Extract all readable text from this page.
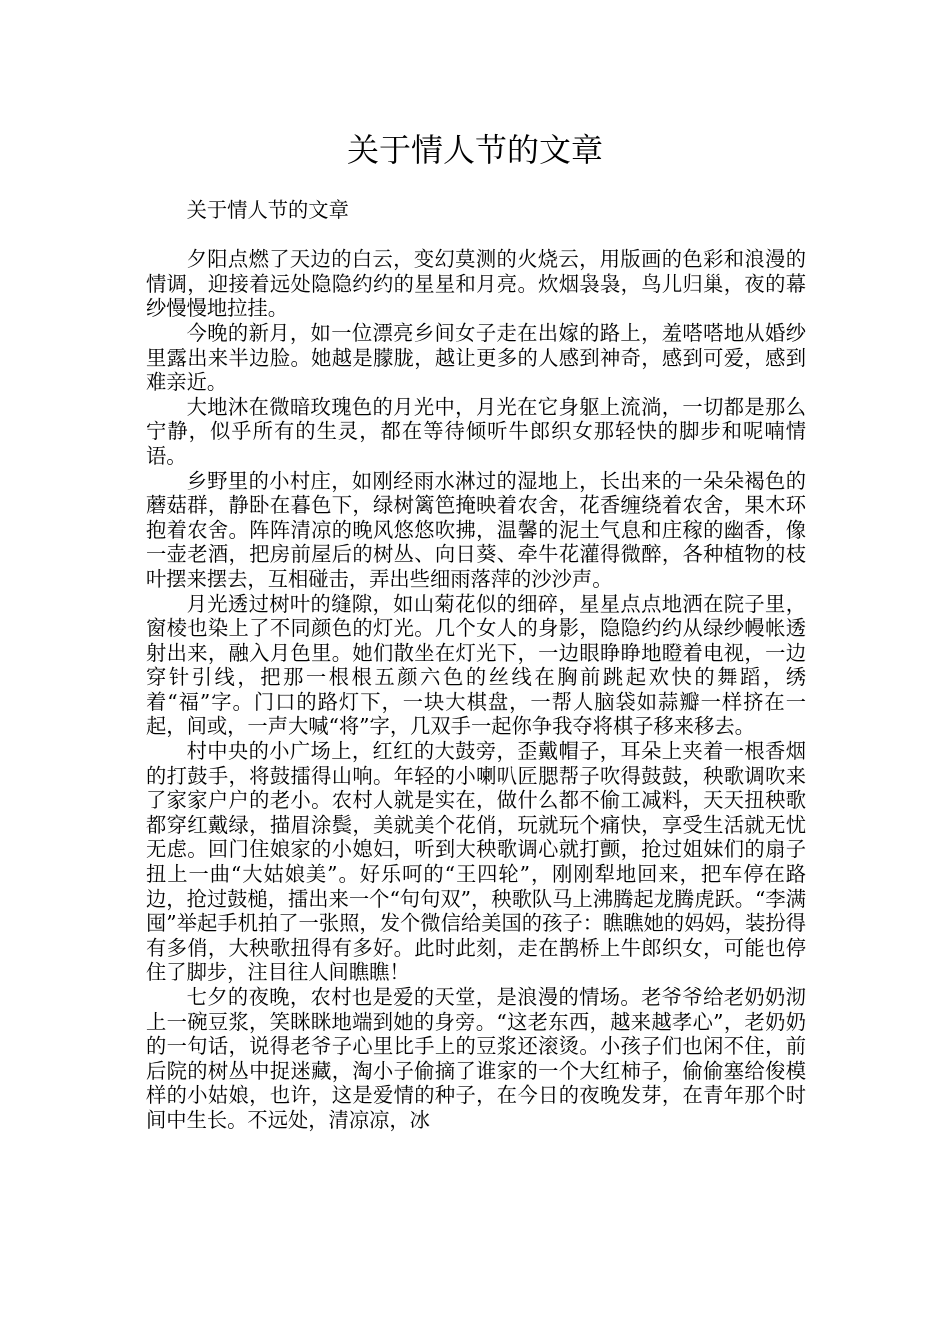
关于情人节的文章

关于情人节的文章

夕阳点燃了天边的白云，变幻莫测的火烧云，用版画的色彩和浪漫的情调，迎接着远处隐隐约约的星星和月亮。炊烟袅袅，鸟儿归巢，夜的幕纱慢慢地拉挂。

今晚的新月，如一位漂亮乡间女子走在出嫁的路上，羞嗒嗒地从婚纱里露出来半边脸。她越是朦胧，越让更多的人感到神奇，感到可爱，感到难亲近。

大地沐在微暗玫瑰色的月光中，月光在它身躯上流淌，一切都是那么宁静，似乎所有的生灵，都在等待倾听牛郎织女那轻快的脚步和呢喃情语。

乡野里的小村庄，如刚经雨水淋过的湿地上，长出来的一朵朵褐色的蘑菇群，静卧在暮色下，绿树篱笆掩映着农舍，花香缠绕着农舍，果木环抱着农舍。阵阵清凉的晚风悠悠吹拂，温馨的泥土气息和庄稼的幽香，像一壶老酒，把房前屋后的树丛、向日葵、牵牛花灌得微醉，各种植物的枝叶摆来摆去，互相碰击，弄出些细雨落萍的沙沙声。

月光透过树叶的缝隙，如山菊花似的细碎，星星点点地洒在院子里，窗棱也染上了不同颜色的灯光。几个女人的身影，隐隐约约从绿纱幔帐透射出来，融入月色里。她们散坐在灯光下，一边眼睁睁地瞪着电视，一边穿针引线，把那一根根五颜六色的丝线在胸前跳起欢快的舞蹈，绣着“福”字。门口的路灯下，一块大棋盘，一帮人脑袋如蒜瓣一样挤在一起，间或，一声大喊“将”字，几双手一起你争我夺将棋子移来移去。

村中央的小广场上，红红的大鼓旁，歪戴帽子，耳朵上夹着一根香烟的打鼓手，将鼓擂得山响。年轻的小喇叭匠腮帮子吹得鼓鼓，秧歌调吹来了家家户户的老小。农村人就是实在，做什么都不偷工减料，天天扭秧歌都穿红戴绿，描眉涂鬓，美就美个花俏，玩就玩个痛快，享受生活就无忧无虑。回门住娘家的小媳妇，听到大秧歌调心就打颤，抢过姐妹们的扇子扭上一曲“大姑娘美”。好乐呵的“王四轮”，刚刚犁地回来，把车停在路边，抢过鼓槌，擂出来一个“句句双”，秧歌队马上沸腾起龙腾虎跃。“李满囤”举起手机拍了一张照，发个微信给美国的孩子：瞧瞧她的妈妈，装扮得有多俏，大秧歌扭得有多好。此时此刻，走在鹊桥上牛郎织女，可能也停住了脚步，注目往人间瞧瞧！

七夕的夜晚，农村也是爱的天堂，是浪漫的情场。老爷爷给老奶奶沏上一碗豆浆，笑眯眯地端到她的身旁。“这老东西，越来越孝心”，老奶奶的一句话，说得老爷子心里比手上的豆浆还滚烫。小孩子们也闲不住，前后院的树丛中捉迷藏，淘小子偷摘了谁家的一个大红柿子，偷偷塞给俊模样的小姑娘，也许，这是爱情的种子，在今日的夜晚发芽，在青年那个时间中生长。不远处，清凉凉，冰
